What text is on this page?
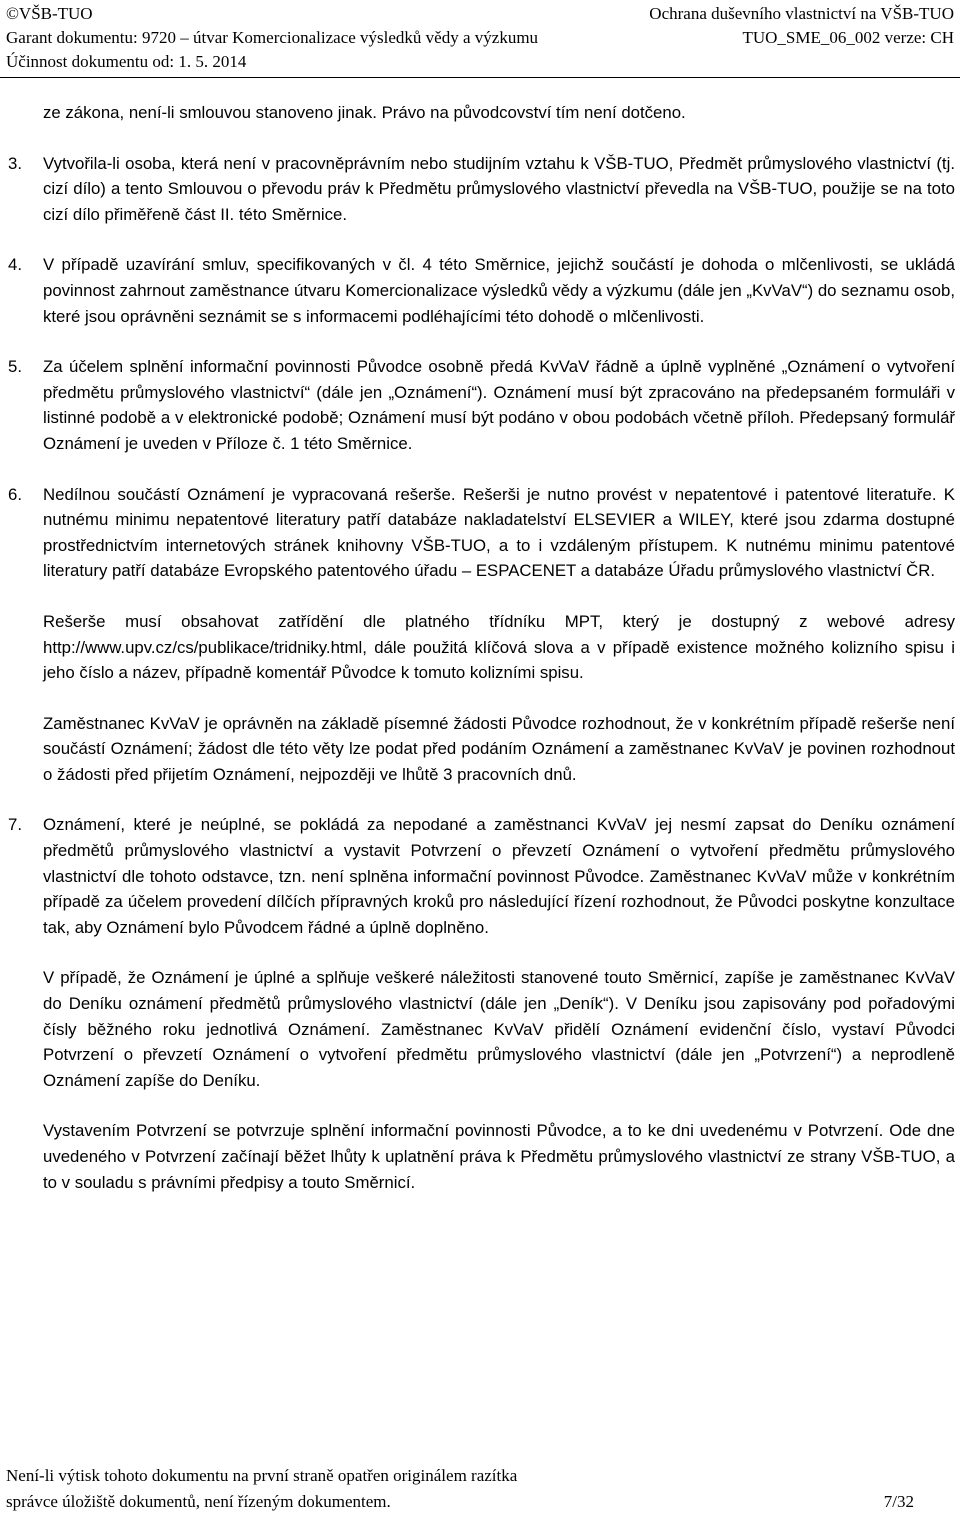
©VŠB-TUO	Ochrana duševního vlastnictví na VŠB-TUO
Garant dokumentu: 9720 – útvar Komercionalizace výsledků vědy a výzkumu	TUO_SME_06_002 verze: CH
Účinnost dokumentu od: 1. 5. 2014

ze zákona, není-li smlouvou stanoveno jinak. Právo na původcovství tím není dotčeno.

3. Vytvořila-li osoba, která není v pracovněprávním nebo studijním vztahu k VŠB-TUO, Předmět průmyslového vlastnictví (tj. cizí dílo) a tento Smlouvou o převodu práv k Předmětu průmyslového vlastnictví převedla na VŠB-TUO, použije se na toto cizí dílo přiměřeně část II. této Směrnice.

4. V případě uzavírání smluv, specifikovaných v čl. 4 této Směrnice, jejichž součástí je dohoda o mlčenlivosti, se ukládá povinnost zahrnout zaměstnance útvaru Komercionalizace výsledků vědy a výzkumu (dále jen „KvVaV“) do seznamu osob, které jsou oprávněni seznámit se s informacemi podléhajícími této dohodě o mlčenlivosti.

5. Za účelem splnění informační povinnosti Původce osobně předá KvVaV řádně a úplně vyplněné „Oznámení o vytvoření předmětu průmyslového vlastnictví“ (dále jen „Oznámení“). Oznámení musí být zpracováno na předepsaném formuláři v listinné podobě a v elektronické podobě; Oznámení musí být podáno v obou podobách včetně příloh. Předepsaný formulář Oznámení je uveden v Příloze č. 1 této Směrnice.

6. Nedílnou součástí Oznámení je vypracovaná rešerše. Rešerši je nutno provést v nepatentové i patentové literatuře. K nutnému minimu nepatentové literatury patří databáze nakladatelství ELSEVIER a WILEY, které jsou zdarma dostupné prostřednictvím internetových stránek knihovny VŠB-TUO, a to i vzdáleným přístupem. K nutnému minimu patentové literatury patří databáze Evropského patentového úřadu – ESPACENET a databáze Úřadu průmyslového vlastnictví ČR.

Rešerše musí obsahovat zatřídění dle platného třídníku MPT, který je dostupný z webové adresy http://www.upv.cz/cs/publikace/tridniky.html, dále použitá klíčová slova a v případě existence možného kolizního spisu i jeho číslo a název, případně komentář Původce k tomuto kolizními spisu.

Zaměstnanec KvVaV je oprávněn na základě písemné žádosti Původce rozhodnout, že v konkrétním případě rešerše není součástí Oznámení; žádost dle této věty lze podat před podáním Oznámení a zaměstnanec KvVaV je povinen rozhodnout o žádosti před přijetím Oznámení, nejpozději ve lhůtě 3 pracovních dnů.

7. Oznámení, které je neúplné, se pokládá za nepodané a zaměstnanci KvVaV jej nesmí zapsat do Deníku oznámení předmětů průmyslového vlastnictví a vystavit Potvrzení o převzetí Oznámení o vytvoření předmětu průmyslového vlastnictví dle tohoto odstavce, tzn. není splněna informační povinnost Původce. Zaměstnanec KvVaV může v konkrétním případě za účelem provedení dílčích přípravných kroků pro následující řízení rozhodnout, že Původci poskytne konzultace tak, aby Oznámení bylo Původcem řádné a úplně doplněno.

V případě, že Oznámení je úplné a splňuje veškeré náležitosti stanovené touto Směrnicí, zapíše je zaměstnanec KvVaV do Deníku oznámení předmětů průmyslového vlastnictví (dále jen „Deník“). V Deníku jsou zapisovány pod pořadovými čísly běžného roku jednotlivá Oznámení. Zaměstnanec KvVaV přidělí Oznámení evidenční číslo, vystaví Původci Potvrzení o převzetí Oznámení o vytvoření předmětu průmyslového vlastnictví (dále jen „Potvrzení“) a neprodleně Oznámení zapíše do Deníku.

Vystavením Potvrzení se potvrzuje splnění informační povinnosti Původce, a to ke dni uvedenému v Potvrzení. Ode dne uvedeného v Potvrzení začínají běžet lhůty k uplatnění práva k Předmětu průmyslového vlastnictví ze strany VŠB-TUO, a to v souladu s právními předpisy a touto Směrnicí.

Není-li výtisk tohoto dokumentu na první straně opatřen originálem razítka
správce úložiště dokumentů, není řízeným dokumentem.	7/32
